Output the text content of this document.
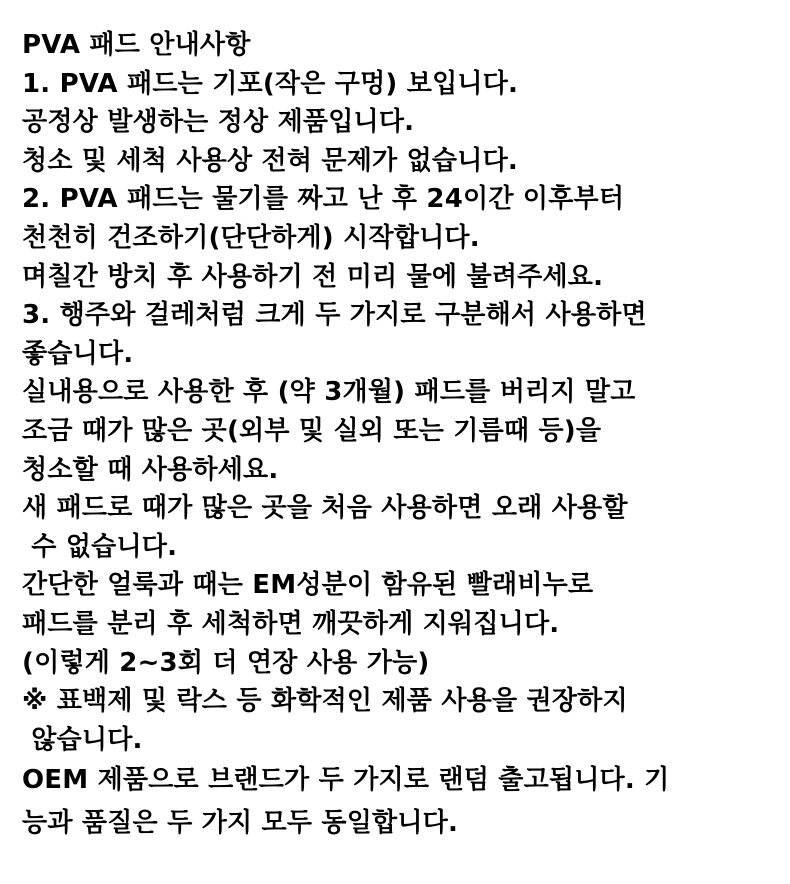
PVA 패드 안내사항
1. PVA 패드는 기포(작은 구멍) 보입니다.
공정상 발생하는 정상 제품입니다.
청소 및 세척 사용상 전혀 문제가 없습니다.
2. PVA 패드는 물기를 짜고 난 후 24이간 이후부터
천천히 건조하기(단단하게) 시작합니다.
며칠간 방치 후 사용하기 전 미리 물에 불려주세요.
3. 행주와 걸레처럼 크게 두 가지로 구분해서 사용하면
좋습니다.
실내용으로 사용한 후 (약 3개월) 패드를 버리지 말고
조금 때가 많은 곳(외부 및 실외 또는 기름때 등)을
청소할 때 사용하세요.
새 패드로 때가 많은 곳을 처음 사용하면 오래 사용할
수 없습니다.
간단한 얼룩과 때는 EM성분이 함유된 빨래비누로
패드를 분리 후 세척하면 깨끗하게 지워집니다.
(이렇게 2~3회 더 연장 사용 가능)
※ 표백제 및 락스 등 화학적인 제품 사용을 권장하지
않습니다.
OEM 제품으로 브랜드가 두 가지로 랜덤 출고됩니다. 기
능과 품질은 두 가지 모두 동일합니다.
